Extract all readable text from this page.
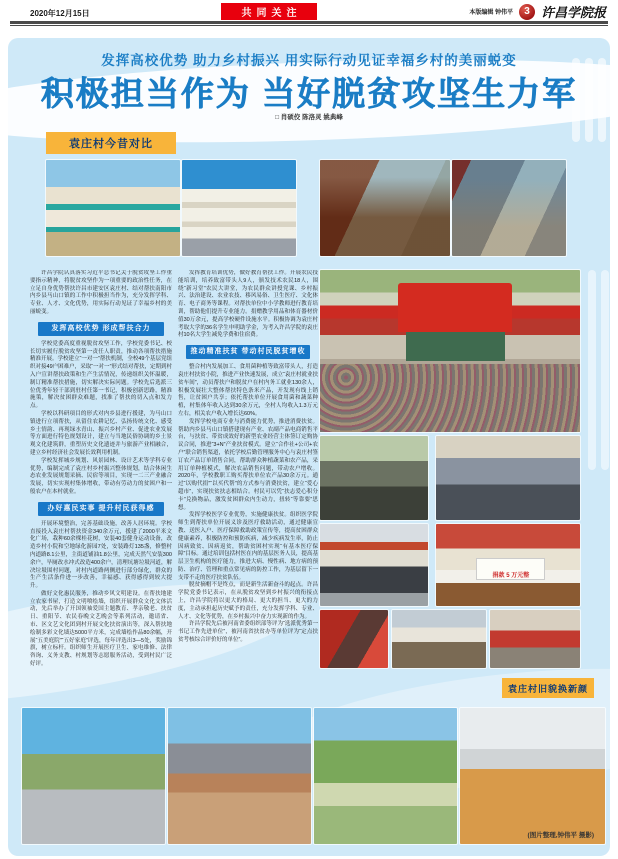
2020年12月15日	共同关注	本版编辑 钟伟平	3 许昌学院报
发挥高校优势 助力乡村振兴 用实际行动见证幸福乡村的美丽蜕变
积极担当作为 当好脱贫攻坚生力军
□ 肖硕佼 陈洛灵 姚典峰
袁庄村今昔对比
许昌学院认真落实习近平总书记关于脱贫攻坚工作重要指示精神，将脱贫攻坚作为一项重要的政治性任务，在立足自身优势帮扶许昌市建安区袁庄村、结对帮扶南阳市内乡县马山口镇的工作中积极担当作为，充分发挥学科、专业、人才、文化优势，用实际行动见证了幸福乡村的美丽蜕变。
发挥高校优势 形成帮扶合力
学校党委高度重视脱贫攻坚工作，学校党委书记、校长切实履行脱贫攻坚第一责任人职责，推动各项帮扶措施精准开展。学校建立“一对一”帮扶机制，全校49个基层党组织对接49户困难户，采取“一对一”形式结对帮扶，定期到村入户宣讲帮扶政策和生产生活情况，传递组织关怀温暖，制订精准帮扶措施，切实解决实际问题。学校先后选派三位优秀年轻干部到驻村任第一书记，积极创新思路，精准施策，解决贫困群众难题，找准了帮扶的切入点和发力点。
学校以科研项目的形式对内乡县进行援建，为马山口镇进行立项帮扶，从留住农耕记忆、弘扬传统文化、感受乡土情韵、再现绿水青山、振兴乡村产业、促进农业发展等方面进行特色规划设计，建立与当地民俗协调的乡土景观文化建筑群，重塑历史文化遗迹并与旅游产业相融合，建立乡村经济社会发展长效利用机制。
学校发挥城乡规划、风景园林、设计艺术等学科专业优势，编制完成了袁庄村乡村振兴整体规划，结合休闲生态农业发展规划采摘、民宿等项目，实现一二三产业融合发展，切实实现村集体增收，带动有劳动力的贫困户和一般农户在本村就业。
办好惠民实事 提升村民获得感
开展环境整治，完善基础设施，改善人居环境。学校直接投入袁庄村帮扶资金340余万元，援建了2000平米文化广场，栽种60余棵桂花树，安装40套健身运动设备，改造乡村小院和空地绿化游园7处，安装路灯135盏，修整村内道路8.1公里，主街道铺油1.8公里，完成天然气安装300余户，旱厕改水冲式改造400余户，清理坑塘垃圾河道，解决垃圾围村问题，对村内道路两侧进行部分绿化，群众的生产生活条件进一步改善，幸福感、获得感得到较大提升。
做好文化惠民服务，推动乡风文明建设。在帮扶地建立农家书屋，打造文明喷绘墙，组织开展群众文化文体活动，先后举办了开国领袖爱国主题教育、孝亲敬老、扶贫日、重阳节、农民春晚文艺晚会等系列活动，邀请省、市、区文艺文化团到村开展文化扶贫演出等，深入帮扶地绘制多彩文化墙达5000平方米，完成墙绘作品80余幅，开展“五美庭院”“五好家庭”评选，每年评选出3—5处，奖励锦旗，树立标杆。组织师生开展医疗卫生、家电维修、法律咨询、义务支教、村规划等志愿服务活动，受到村民广泛好评。
发挥教育培训优势，做好教育帮扶工作。开展农民技能培训，培养致富带头人9人，颁发技术农民18人，围绕“新习堂”农民大讲堂，为农民群众讲授党课、乡村振兴、法治建设、农业农技、移风易俗、卫生医疗、文化体育、电子商务等课程。对帮扶单位中小学教师进行教育培训，帮助他们提升专业能力。捐赠教学用品和体育器材价值30万余元，提高学校硬件设施水平。积极协调为袁庄村考取大学的36名学生申明助学金，为考入许昌学院的袁庄村10名大学生减免学费和住宿费。
推动精准扶贫 带动村民脱贫增收
整合村内发展加工、食用菌种植等致富带头人，打造袁庄村扶贫小院，推进产业快速发展，成立“袁庄村就业扶贫车间”，动员帮扶户和脱贫户在村内务工就业130余人，积极发展壮大整体帮扶特色条米产品，开发现有线上销售，让贫困户共享；依托帮扶单位开展食用菌和蔬菜种植，村集体年收入达到30余万元，全村人均收入1.3万元左右，相关农户收入增长达60%。
发挥学校电商专业与消费能力优势，推进消费扶贫。帮助内乡县马山口镇搭建现有产业、农副产品电商销售平台，与扶贫、带贫成效好的新型农业经营主体签订定购协议合同，推进“3+N”产业扶贫模式。建立“合作社+公司+农户”联合销售渠道，依托学校后勤管理服务中心与袁庄村签订农产品订单销售合同，帮助群众种植蔬菜和农产品，采用订单种植模式，解决农品销售问题，带动农户增收。2020年，学校教职工购买帮扶单位农产品30余万元。通过“以购代捐”“以买代帮”的方式参与消费扶贫，建立“爱心超市”，实现扶贫扶志相结合。村民可以凭“扶志爱心积分卡”兑换物品，激发贫困群众内生动力，扭转“等靠要”思想。
发挥学校医学专业优势，实施健康扶贫。组织医学院师生到帮扶单位开展义诊及医疗救助活动，通过健康宣教、送医入户、医疗保障救助政策宣传等，提高贫困群众健康素养，积极防控和预防疾病，减少疾病发生率，防止因病致贫、因病返贫，帮助贫困村实现“有基本医疗保障”目标。通过培训包括村医在内的基层医务人员，提高基层卫生机构的医疗能力，推进大病、慢性病、地方病的预防、治疗、管理和重点常见病的防控工作，为基层留下一支带不走的医疗扶贫队伍。
脱贫摘帽不是终点，而是新生活新奋斗的起点。许昌学院党委书记表示，在从脱贫攻坚到乡村振兴的衔接点上，许昌学院将以更大的格局、更大的担当、更大的力度，主动承担起历史赋予的责任，充分发挥学科、专业、人才、文化等优势，在乡村振兴中奋力实现新的作为。
许昌学院先后被河南省委组织部等评为“选派优秀第一书记工作先进单位”，被河南省扶贫办等单位评为“定点扶贫考核综合评价好的单位”。
捐款 5 万元整
袁庄村旧貌换新颜
(图片整理,钟伟平 摄影)
